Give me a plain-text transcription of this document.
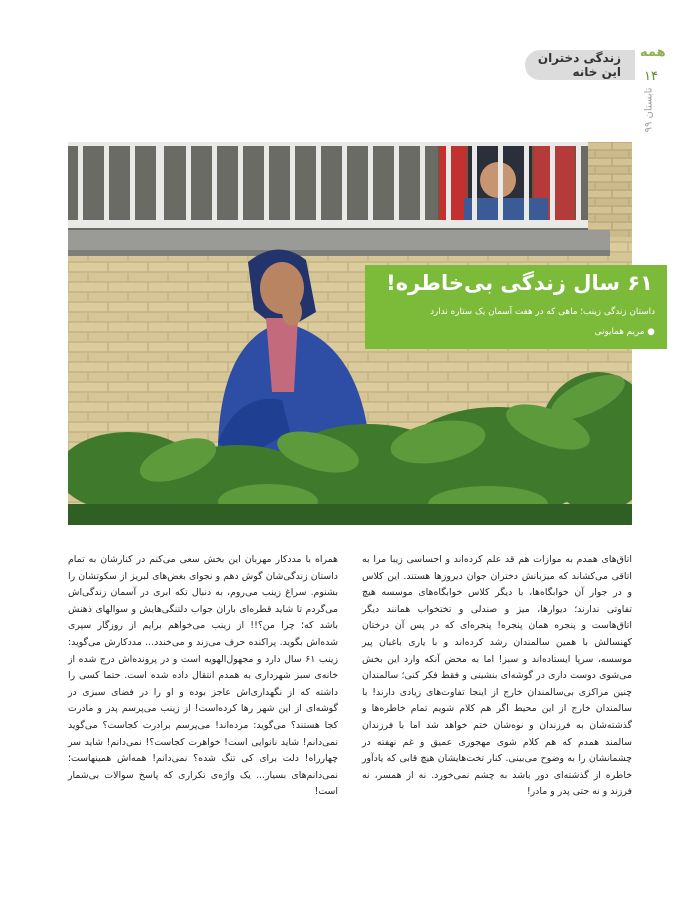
زندگی دختران این خانه
همه
۱۴
تابستان ۹۹
۶۱ سال زندگی بی‌خاطره!
داستان زندگی زینب؛ ماهی که در هفت آسمان یک ستاره ندارد
● مریم همایونی

اتاق‌های همدم به موازات هم قد علم کرده‌اند و احساسی زیبا مرا به اتاقی می‌کشاند که میزبانش دختران جوان دیروزها هستند. این کلاس و در جوار آن خوابگاه‌ها، با دیگر کلاس خوابگاه‌های موسسه هیچ تفاوتی ندارند؛ دیوارها، میز و صندلی و تختخواب همانند دیگر اتاق‌هاست و پنجره همان پنجره! پنجره‌ای که در پس آن درختان کهنسالش با همین سالمندان رشد کرده‌اند و با یاری باغبان پیر موسسه، سرپا ایستاده‌اند و سبز! اما به محض آنکه وارد این بخش می‌شوی دوست داری در گوشه‌ای بنشینی و فقط فکر کنی؛ سالمندان چنین مراکزی بی‌سالمندان خارج از اینجا تفاوت‌های زیادی دارند! با سالمندان خارج از این محیط اگر هم کلام شویم تمام خاطره‌ها و گذشته‌شان به فرزندان و نوه‌شان ختم خواهد شد اما با فرزندان سالمند همدم که هم کلام شوی مهجوری عمیق و غم نهفته در چشمانشان را به وضوح می‌بینی. کنار تخت‌هایشان هیچ قابی که یادآور خاطره از گذشته‌ای دور باشد به چشم نمی‌خورد. نه از همسر، نه فرزند و نه حتی پدر و مادر!

همراه با مددکار مهربان این بخش سعی می‌کنم در کنارشان به تمام داستان زندگی‌شان گوش دهم و نجوای بغض‌های لبریز از سکوتشان را بشنوم. سراغ زینب می‌روم، به دنبال تکه ابری در آسمان زندگی‌اش می‌گردم تا شاید قطره‌ای باران جواب دلتنگی‌هایش و سوالهای ذهنش باشد که؛ چرا من؟!! از زینب می‌خواهم برایم از روزگار سپری شده‌اش بگوید. پراکنده حرف می‌زند و می‌خندد... مددکارش می‌گوید: زینب ۶۱ سال دارد و مجهول‌الهویه است و در پرونده‌اش درج شده از خانه‌ی سبز شهرداری به همدم انتقال داده شده است. حتما کسی را داشته که از نگهداری‌اش عاجز بوده و او را در فضای سبزی در گوشه‌ای از این شهر رها کرده‌است! از زینب می‌پرسم پدر و مادرت کجا هستند؟ می‌گوید: مرده‌اند! می‌پرسم برادرت کجاست؟ می‌گوید نمی‌دانم! شاید نانوایی است! خواهرت کجاست؟! نمی‌دانم! شاید سر چهارراه! دلت برای کی تنگ شده؟ نمی‌دانم! همه‌اش همینهاست؛ نمی‌دانم‌های بسیار... یک واژه‌ی تکراری که پاسخ سوالات بی‌شمار است!
